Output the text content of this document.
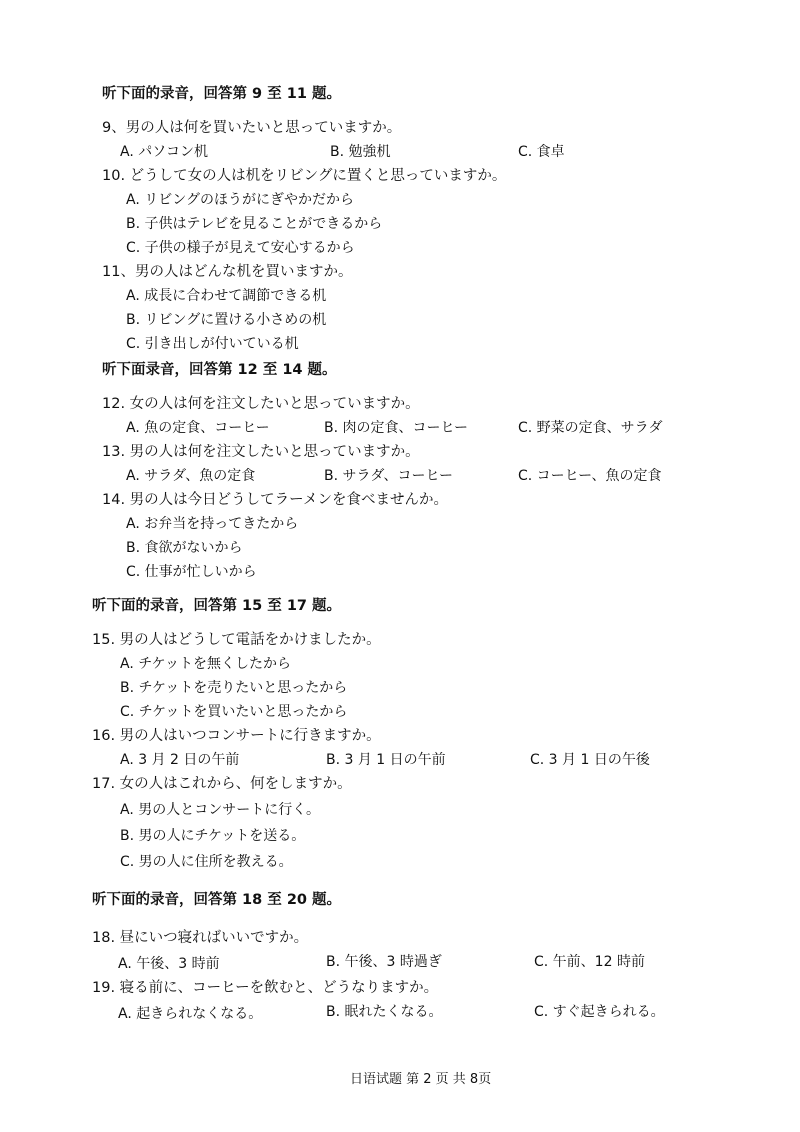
听下面的录音，回答第 9 至 11 题。
9、男の人は何を買いたいと思っていますか。
A. パソコン机	B. 勉強机	C. 食卓
10. どうして女の人は机をリビングに置くと思っていますか。
A. リビングのほうがにぎやかだから
B. 子供はテレビを見ることができるから
C. 子供の様子が見えて安心するから
11、男の人はどんな机を買いますか。
A. 成長に合わせて調節できる机
B. リビングに置ける小さめの机
C. 引き出しが付いている机
听下面录音，回答第 12 至 14 题。
12. 女の人は何を注文したいと思っていますか。
A. 魚の定食、コーヒー	B. 肉の定食、コーヒー	C. 野菜の定食、サラダ
13. 男の人は何を注文したいと思っていますか。
A. サラダ、魚の定食	B. サラダ、コーヒー	C. コーヒー、魚の定食
14. 男の人は今日どうしてラーメンを食べませんか。
A. お弁当を持ってきたから
B. 食欲がないから
C. 仕事が忙しいから
听下面的录音，回答第 15 至 17 题。
15. 男の人はどうして電話をかけましたか。
A. チケットを無くしたから
B. チケットを売りたいと思ったから
C. チケットを買いたいと思ったから
16. 男の人はいつコンサートに行きますか。
A. 3 月 2 日の午前	B. 3 月 1 日の午前	C. 3 月 1 日の午後
17. 女の人はこれから、何をしますか。
A. 男の人とコンサートに行く。
B. 男の人にチケットを送る。
C. 男の人に住所を教える。
听下面的录音，回答第 18 至 20 题。
18. 昼にいつ寝ればいいですか。
A. 午後、3 時前	B. 午後、3 時過ぎ	C. 午前、12 時前
19. 寝る前に、コーヒーを飲むと、どうなりますか。
A. 起きられなくなる。	B. 眠れたくなる。	C. すぐ起きられる。
日语试题 第 2 页 共 8页
